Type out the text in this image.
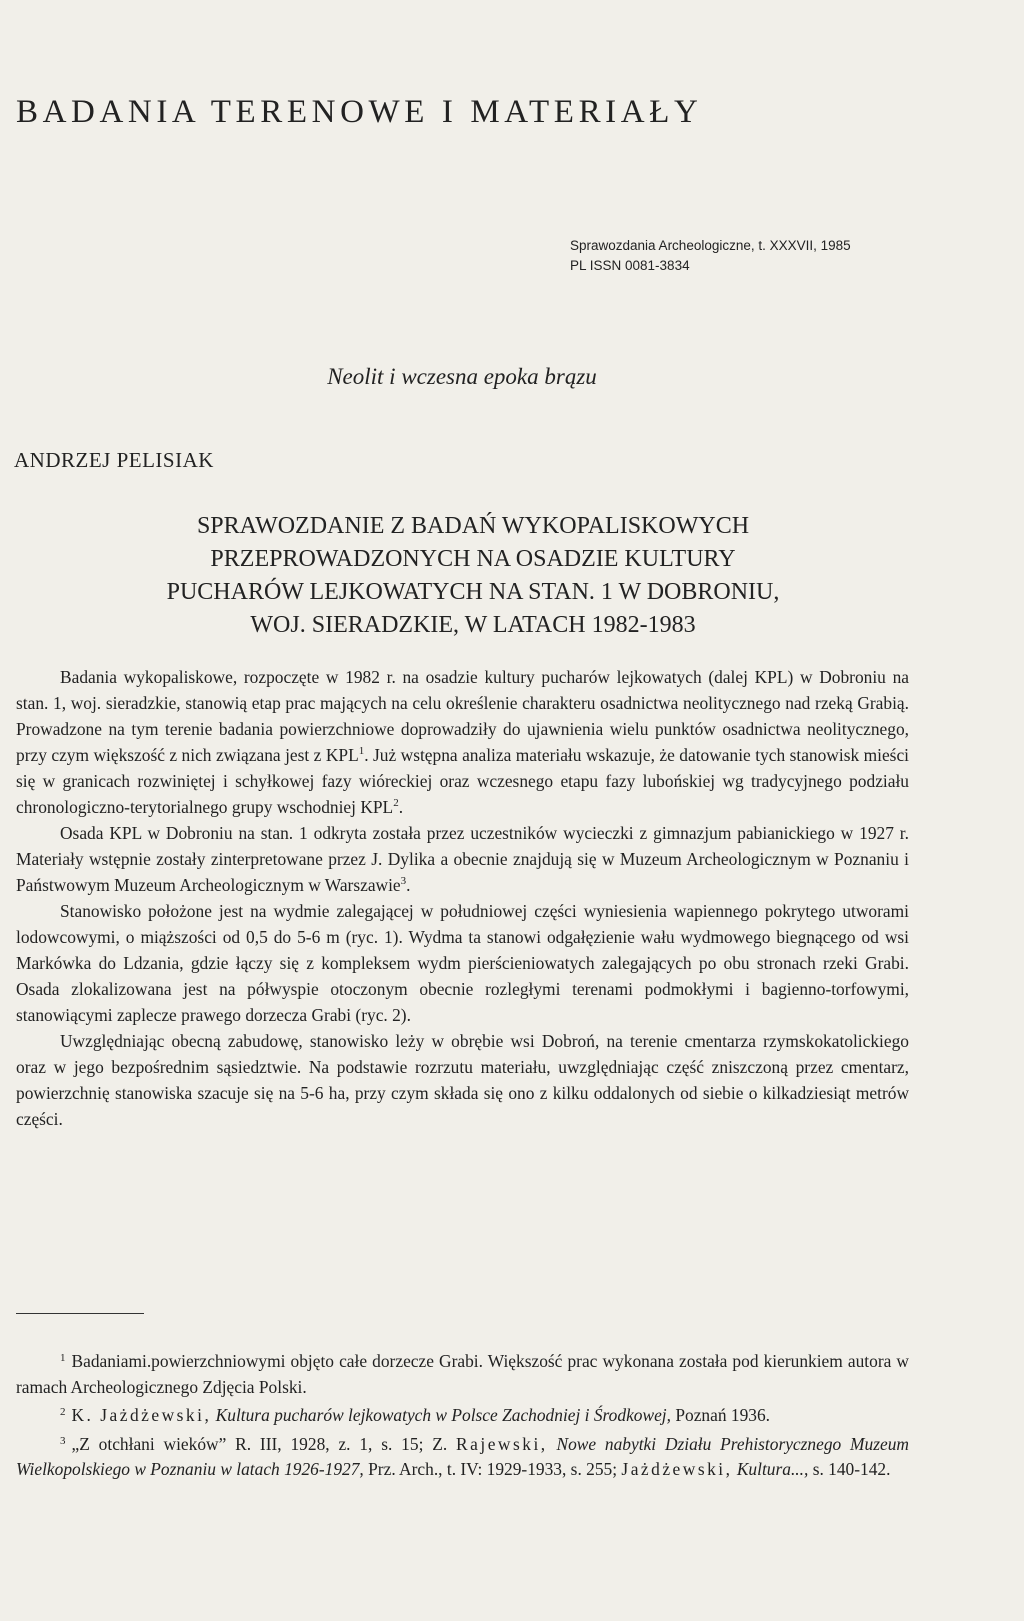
BADANIA TERENOWE I MATERIAŁY
Sprawozdania Archeologiczne, t. XXXVII, 1985
PL ISSN 0081-3834
Neolit i wczesna epoka brązu
ANDRZEJ PELISIAK
SPRAWOZDANIE Z BADAŃ WYKOPALISKOWYCH
PRZEPROWADZONYCH NA OSADZIE KULTURY
PUCHARÓW LEJKOWATYCH NA STAN. 1 W DOBRONIU,
WOJ. SIERADZKIE, W LATACH 1982-1983

Badania wykopaliskowe, rozpoczęte w 1982 r. na osadzie kultury pucharów lejkowatych (dalej KPL) w Dobroniu na stan. 1, woj. sieradzkie, stanowią etap prac mających na celu określenie charakteru osadnictwa neolitycznego nad rzeką Grabią. Prowadzone na tym terenie badania powierzchniowe doprowadziły do ujawnienia wielu punktów osadnictwa neolitycznego, przy czym większość z nich związana jest z KPL$^1$. Już wstępna analiza materiału wskazuje, że datowanie tych stanowisk mieści się w granicach rozwiniętej i schyłkowej fazy wióreckiej oraz wczesnego etapu fazy lubońskiej wg tradycyjnego podziału chronologiczno-terytorialnego grupy wschodniej KPL$^2$.

Osada KPL w Dobroniu na stan. 1 odkryta została przez uczestników wycieczki z gimnazjum pabianickiego w 1927 r. Materiały wstępnie zostały zinterpretowane przez J. Dylika a obecnie znajdują się w Muzeum Archeologicznym w Poznaniu i Państwowym Muzeum Archeologicznym w Warszawie$^3$.

Stanowisko położone jest na wydmie zalegającej w południowej części wyniesienia wapiennego pokrytego utworami lodowcowymi, o miąższości od 0,5 do 5-6 m (ryc. 1). Wydma ta stanowi odgałęzienie wału wydmowego biegnącego od wsi Markówka do Ldzania, gdzie łączy się z kompleksem wydm pierścieniowatych zalegających po obu stronach rzeki Grabi. Osada zlokalizowana jest na półwyspie otoczonym obecnie rozległymi terenami podmokłymi i bagienno-torfowymi, stanowiącymi zaplecze prawego dorzecza Grabi (ryc. 2).

Uwzględniając obecną zabudowę, stanowisko leży w obrębie wsi Dobroń, na terenie cmentarza rzymskokatolickiego oraz w jego bezpośrednim sąsiedztwie. Na podstawie rozrzutu materiału, uwzględniając część zniszczoną przez cmentarz, powierzchnię stanowiska szacuje się na 5-6 ha, przy czym składa się ono z kilku oddalonych od siebie o kilkadziesiąt metrów części.

$^1$ Badaniami.powierzchniowymi objęto całe dorzecze Grabi. Większość prac wykonana została pod kierunkiem autora w ramach Archeologicznego Zdjęcia Polski.

$^2$ K. Jażdżewski, Kultura pucharów lejkowatych w Polsce Zachodniej i Środkowej, Poznań 1936.

$^3$ „Z otchłani wieków” R. III, 1928, z. 1, s. 15; Z. Rajewski, Nowe nabytki Działu Prehistorycznego Muzeum Wielkopolskiego w Poznaniu w latach 1926-1927, Prz. Arch., t. IV: 1929-1933, s. 255; Jażdżewski, Kultura..., s. 140-142.
